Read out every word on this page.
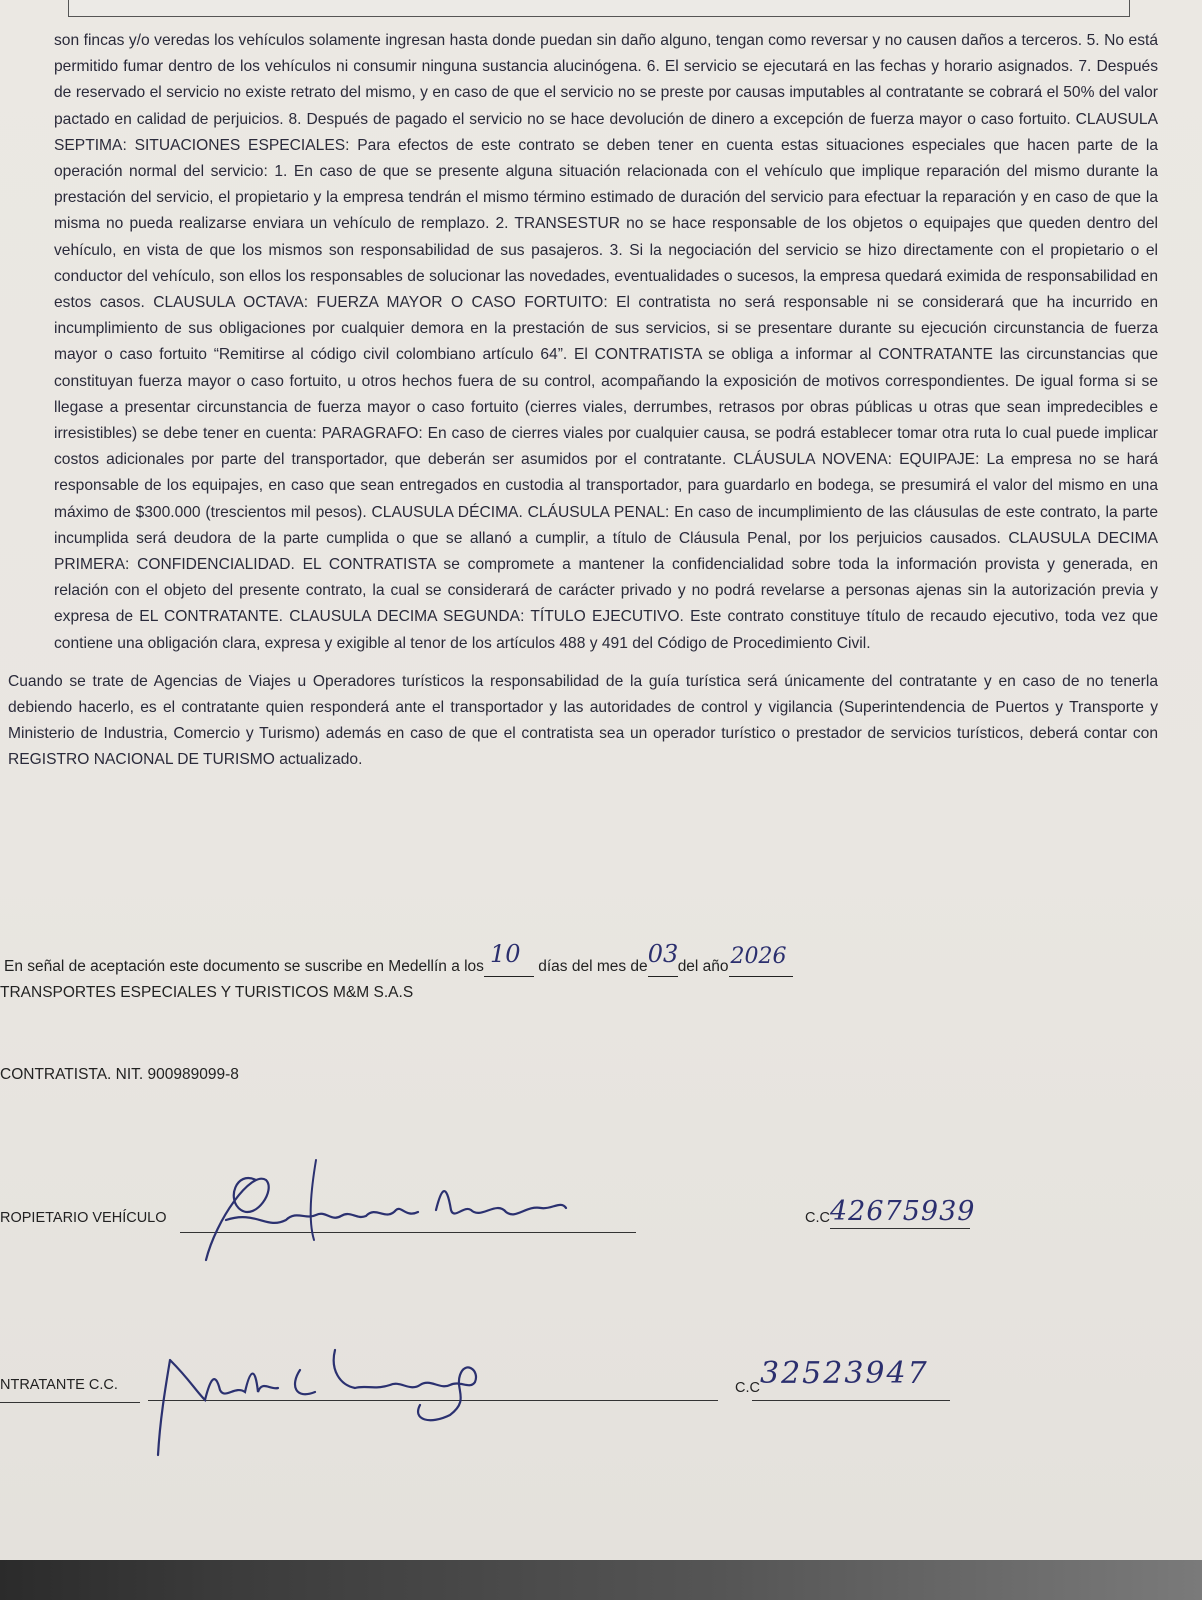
son fincas y/o veredas los vehículos solamente ingresan hasta donde puedan sin daño alguno, tengan como reversar y no causen daños a terceros. 5. No está permitido fumar dentro de los vehículos ni consumir ninguna sustancia alucinógena. 6. El servicio se ejecutará en las fechas y horario asignados. 7. Después de reservado el servicio no existe retrato del mismo, y en caso de que el servicio no se preste por causas imputables al contratante se cobrará el 50% del valor pactado en calidad de perjuicios. 8. Después de pagado el servicio no se hace devolución de dinero a excepción de fuerza mayor o caso fortuito. CLAUSULA SEPTIMA: SITUACIONES ESPECIALES: Para efectos de este contrato se deben tener en cuenta estas situaciones especiales que hacen parte de la operación normal del servicio: 1. En caso de que se presente alguna situación relacionada con el vehículo que implique reparación del mismo durante la prestación del servicio, el propietario y la empresa tendrán el mismo término estimado de duración del servicio para efectuar la reparación y en caso de que la misma no pueda realizarse enviara un vehículo de remplazo. 2. TRANSESTUR no se hace responsable de los objetos o equipajes que queden dentro del vehículo, en vista de que los mismos son responsabilidad de sus pasajeros. 3. Si la negociación del servicio se hizo directamente con el propietario o el conductor del vehículo, son ellos los responsables de solucionar las novedades, eventualidades o sucesos, la empresa quedará eximida de responsabilidad en estos casos. CLAUSULA OCTAVA: FUERZA MAYOR O CASO FORTUITO: El contratista no será responsable ni se considerará que ha incurrido en incumplimiento de sus obligaciones por cualquier demora en la prestación de sus servicios, si se presentare durante su ejecución circunstancia de fuerza mayor o caso fortuito “Remitirse al código civil colombiano artículo 64”. El CONTRATISTA se obliga a informar al CONTRATANTE las circunstancias que constituyan fuerza mayor o caso fortuito, u otros hechos fuera de su control, acompañando la exposición de motivos correspondientes. De igual forma si se llegase a presentar circunstancia de fuerza mayor o caso fortuito (cierres viales, derrumbes, retrasos por obras públicas u otras que sean impredecibles e irresistibles) se debe tener en cuenta: PARAGRAFO: En caso de cierres viales por cualquier causa, se podrá establecer tomar otra ruta lo cual puede implicar costos adicionales por parte del transportador, que deberán ser asumidos por el contratante. CLÁUSULA NOVENA: EQUIPAJE: La empresa no se hará responsable de los equipajes, en caso que sean entregados en custodia al transportador, para guardarlo en bodega, se presumirá el valor del mismo en una máximo de $300.000 (trescientos mil pesos). CLAUSULA DÉCIMA. CLÁUSULA PENAL: En caso de incumplimiento de las cláusulas de este contrato, la parte incumplida será deudora de la parte cumplida o que se allanó a cumplir, a título de Cláusula Penal, por los perjuicios causados. CLAUSULA DECIMA PRIMERA: CONFIDENCIALIDAD. EL CONTRATISTA se compromete a mantener la confidencialidad sobre toda la información provista y generada, en relación con el objeto del presente contrato, la cual se considerará de carácter privado y no podrá revelarse a personas ajenas sin la autorización previa y expresa de EL CONTRATANTE. CLAUSULA DECIMA SEGUNDA: TÍTULO EJECUTIVO. Este contrato constituye título de recaudo ejecutivo, toda vez que contiene una obligación clara, expresa y exigible al tenor de los artículos 488 y 491 del Código de Procedimiento Civil.

Cuando se trate de Agencias de Viajes u Operadores turísticos la responsabilidad de la guía turística será únicamente del contratante y en caso de no tenerla debiendo hacerlo, es el contratante quien responderá ante el transportador y las autoridades de control y vigilancia (Superintendencia de Puertos y Transporte y Ministerio de Industria, Comercio y Turismo) además en caso de que el contratista sea un operador turístico o prestador de servicios turísticos, deberá contar con REGISTRO NACIONAL DE TURISMO actualizado.

En señal de aceptación este documento se suscribe en Medellín a los 10 días del mes de 03 del año 2026

TRANSPORTES ESPECIALES Y TURISTICOS M&M S.A.S
CONTRATISTA. NIT. 900989099-8
ROPIETARIO VEHÍCULO	C.C 42675939
NTRATANTE C.C.	C.C 32523947
